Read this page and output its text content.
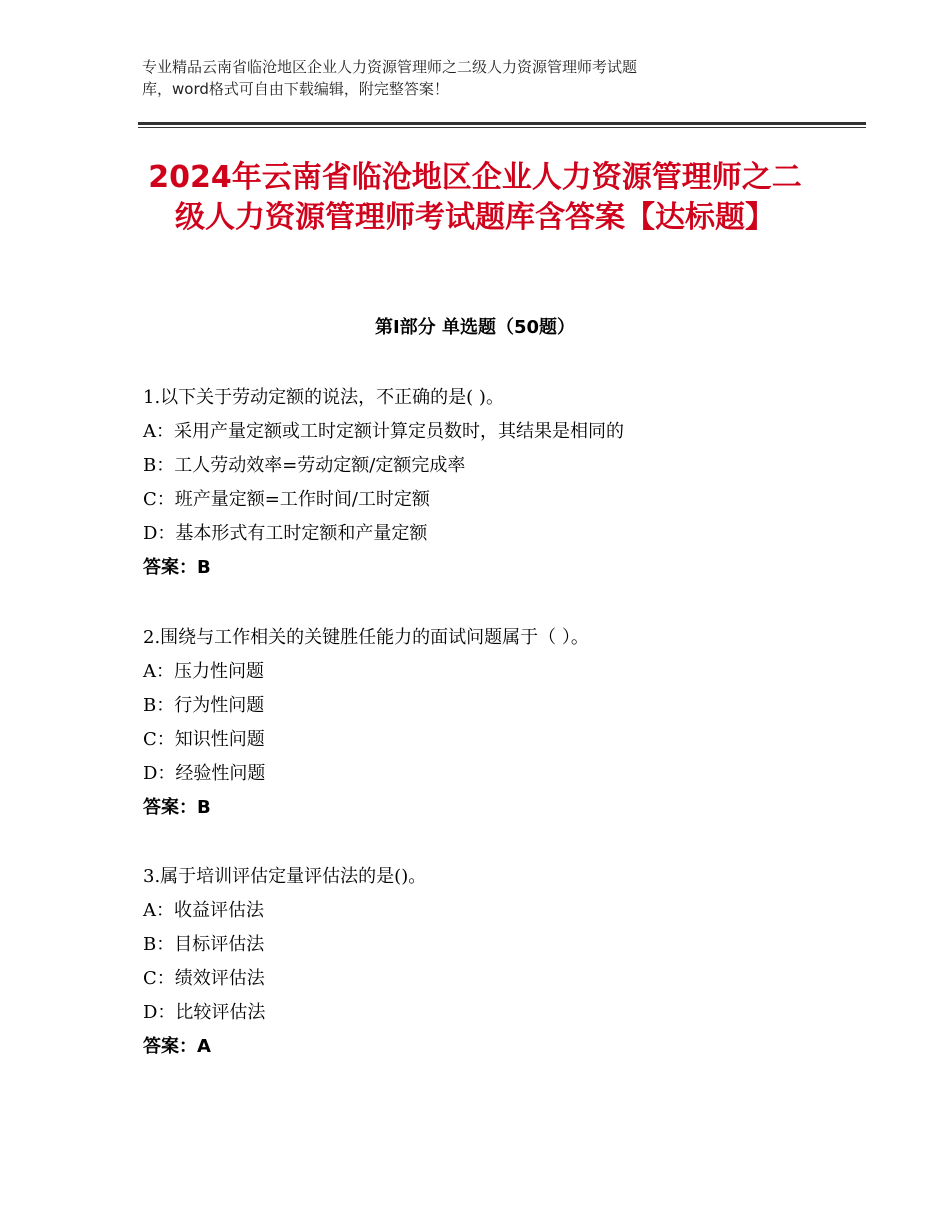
专业精品云南省临沧地区企业人力资源管理师之二级人力资源管理师考试题
库，word格式可自由下载编辑，附完整答案！
2024年云南省临沧地区企业人力资源管理师之二级人力资源管理师考试题库含答案【达标题】
第Ⅰ部分 单选题（50题）
1.以下关于劳动定额的说法，不正确的是( )。
A：采用产量定额或工时定额计算定员数时，其结果是相同的
B：工人劳动效率=劳动定额/定额完成率
C：班产量定额=工作时间/工时定额
D：基本形式有工时定额和产量定额
答案：B
2.围绕与工作相关的关键胜任能力的面试问题属于（ ）。
A：压力性问题
B：行为性问题
C：知识性问题
D：经验性问题
答案：B
3.属于培训评估定量评估法的是()。
A：收益评估法
B：目标评估法
C：绩效评估法
D：比较评估法
答案：A
